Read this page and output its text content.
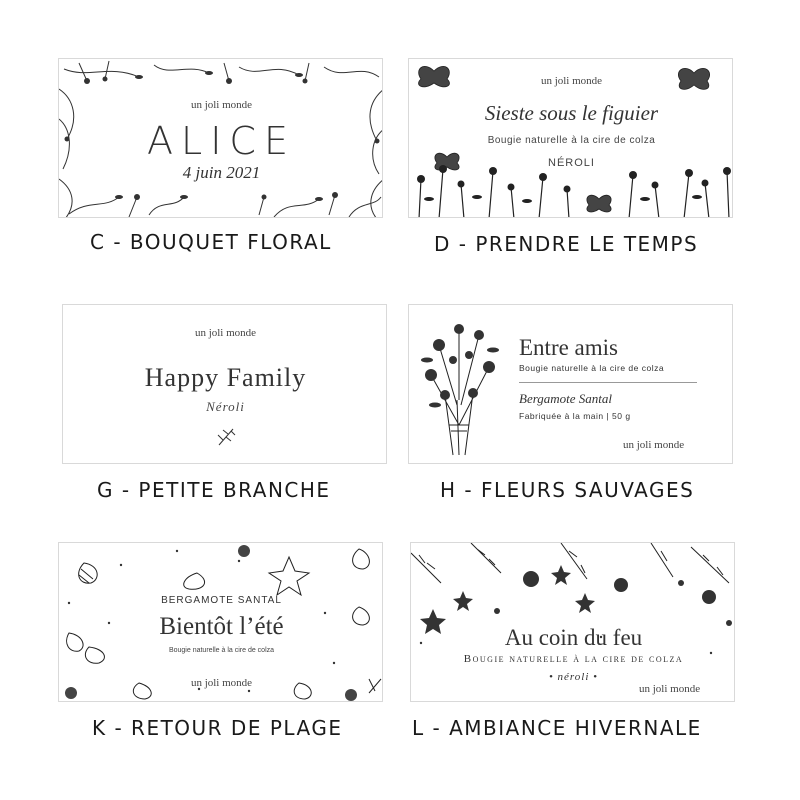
un joli monde
ALICE
4 juin 2021
C - BOUQUET FLORAL
un joli monde
Sieste sous le figuier
Bougie naturelle à la cire de colza
NÉROLI
D - PRENDRE LE TEMPS
un joli monde
Happy Family
Néroli
G - PETITE BRANCHE
Entre amis
Bougie naturelle à la cire de colza
Bergamote Santal
Fabriquée à la main | 50 g
un joli monde
H - FLEURS SAUVAGES
BERGAMOTE SANTAL
Bientôt l’été
Bougie naturelle à la cire de colza
un joli monde
K - RETOUR DE PLAGE
Au coin du feu
Bougie naturelle à la cire de colza
• néroli •
un joli monde
L - AMBIANCE HIVERNALE
